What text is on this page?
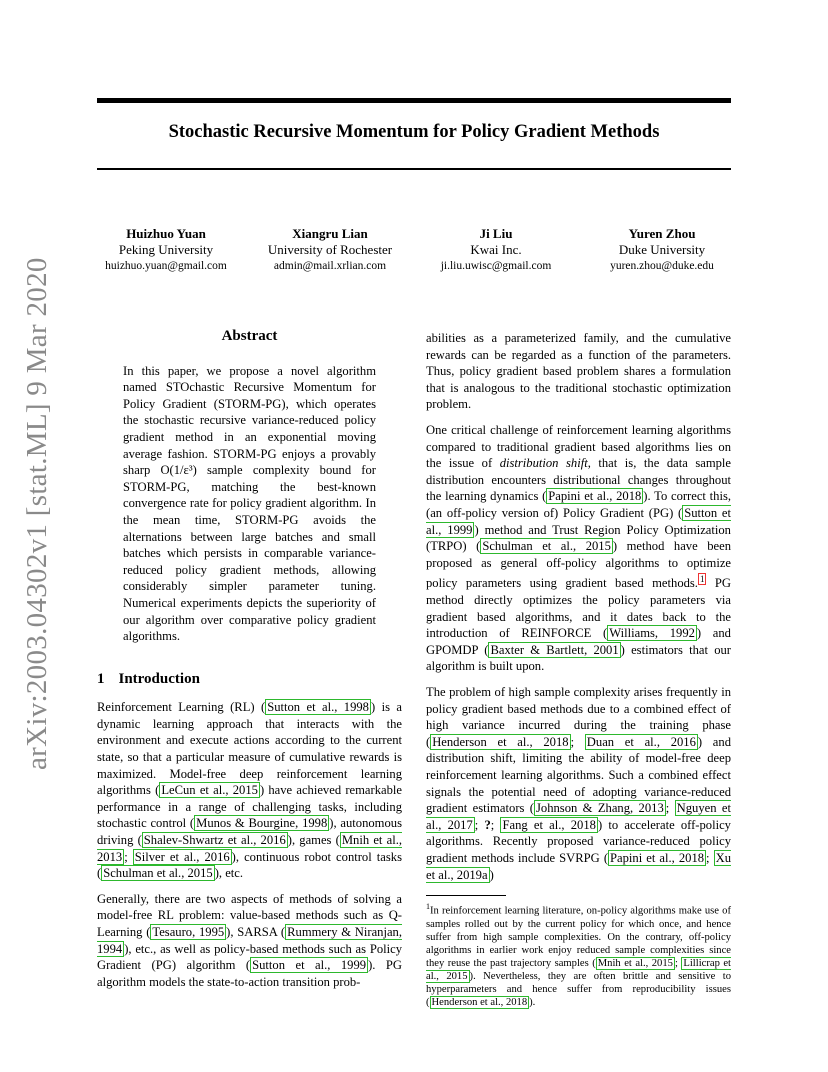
Stochastic Recursive Momentum for Policy Gradient Methods
Huizhuo Yuan
Peking University
huizhuo.yuan@gmail.com
Xiangru Lian
University of Rochester
admin@mail.xrlian.com
Ji Liu
Kwai Inc.
ji.liu.uwisc@gmail.com
Yuren Zhou
Duke University
yuren.zhou@duke.edu
arXiv:2003.04302v1 [stat.ML] 9 Mar 2020	Abstract

In this paper, we propose a novel algorithm named STOchastic Recursive Momentum for Policy Gradient (STORM-PG), which operates the stochastic recursive variance-reduced policy gradient method in an exponential moving average fashion. STORM-PG enjoys a provably sharp O(1/ε³) sample complexity bound for STORM-PG, matching the best-known convergence rate for policy gradient algorithm. In the mean time, STORM-PG avoids the alternations between large batches and small batches which persists in comparable variance-reduced policy gradient methods, allowing considerably simpler parameter tuning. Numerical experiments depicts the superiority of our algorithm over comparative policy gradient algorithms.

1 Introduction

Reinforcement Learning (RL) ( Sutton et al., 1998 ) is a dynamic learning approach that interacts with the environment and execute actions according to the current state, so that a particular measure of cumulative rewards is maximized. Model-free deep reinforcement learning algorithms ( LeCun et al., 2015 ) have achieved remarkable performance in a range of challenging tasks, including stochastic control ( Munos & Bourgine, 1998 ), autonomous driving ( Shalev-Shwartz et al., 2016 ), games ( Mnih et al., 2013 ; Silver et al., 2016 ), continuous robot control tasks ( Schulman et al., 2015 ), etc.

Generally, there are two aspects of methods of solving a model-free RL problem: value-based methods such as Q-Learning ( Tesauro, 1995 ), SARSA ( Rummery & Niranjan, 1994 ), etc., as well as policy-based methods such as Policy Gradient (PG) algorithm ( Sutton et al., 1999 ). PG algorithm models the state-to-action transition prob-

abilities as a parameterized family, and the cumulative rewards can be regarded as a function of the parameters. Thus, policy gradient based problem shares a formulation that is analogous to the traditional stochastic optimization problem.

One critical challenge of reinforcement learning algorithms compared to traditional gradient based algorithms lies on the issue of distribution shift, that is, the data sample distribution encounters distributional changes throughout the learning dynamics ( Papini et al., 2018 ). To correct this, (an off-policy version of) Policy Gradient (PG) ( Sutton et al., 1999 ) method and Trust Region Policy Optimization (TRPO) ( Schulman et al., 2015 ) method have been proposed as general off-policy algorithms to optimize policy parameters using gradient based methods. $^1$ PG method directly optimizes the policy parameters via gradient based algorithms, and it dates back to the introduction of REINFORCE ( Williams, 1992 ) and GPOMDP ( Baxter & Bartlett, 2001 ) estimators that our algorithm is built upon.

The problem of high sample complexity arises frequently in policy gradient based methods due to a combined effect of high variance incurred during the training phase ( Henderson et al., 2018 ; Duan et al., 2016 ) and distribution shift, limiting the ability of model-free deep reinforcement learning algorithms. Such a combined effect signals the potential need of adopting variance-reduced gradient estimators ( Johnson & Zhang, 2013 ; Nguyen et al., 2017 ; ?; Fang et al., 2018 ) to accelerate off-policy algorithms. Recently proposed variance-reduced policy gradient methods include SVRPG ( Papini et al., 2018 ; Xu et al., 2019a )

$^1$In reinforcement learning literature, on-policy algorithms make use of samples rolled out by the current policy for which once, and hence suffer from high sample complexities. On the contrary, off-policy algorithms in earlier work enjoy reduced sample complexities since they reuse the past trajectory samples ( Mnih et al., 2015 ; Lillicrap et al., 2015 ). Nevertheless, they are often brittle and sensitive to hyperparameters and hence suffer from reproducibility issues ( Henderson et al., 2018 ).
